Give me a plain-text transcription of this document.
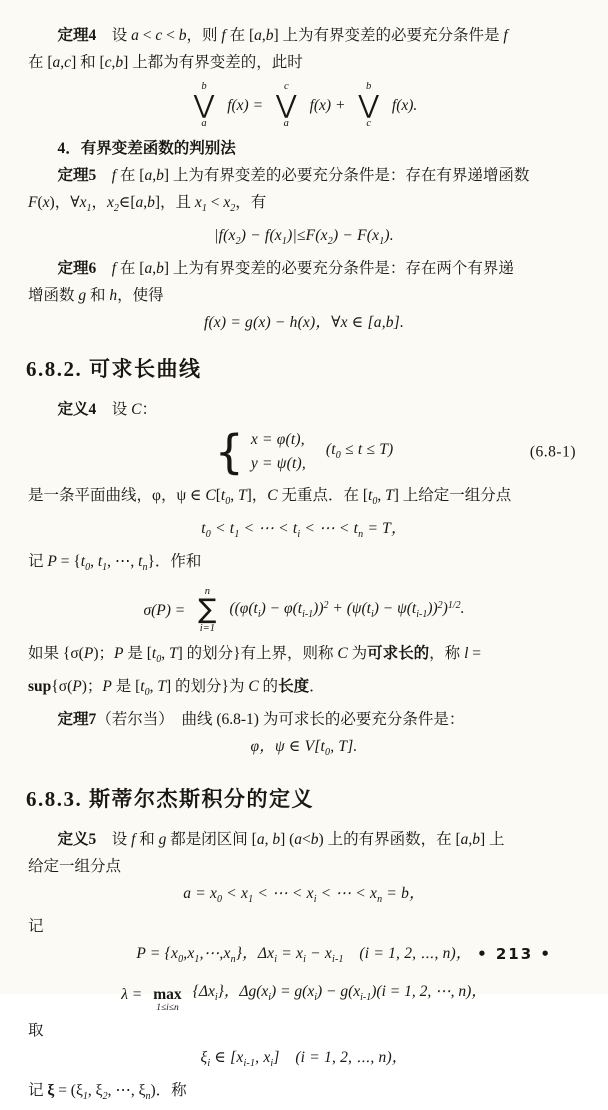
定理4　设 a < c < b，则 f 在 [a,b] 上为有界变差的必要充分条件是 f
在 [a,c] 和 [c,b] 上都为有界变差的，此时
b
⋁
a
f(x) =
c
⋁
a
f(x) +
b
⋁
c
f(x).
4．有界变差函数的判别法
定理5　 f 在 [a,b] 上为有界变差的必要充分条件是：存在有界递增函数
F(x)，$\forall x_1$，$x_2\in[a,b]$，且 $x_1 < x_2$，有
$|f(x_2) - f(x_1)|\le F(x_2) - F(x_1)$.
定理6　 f 在 [a,b] 上为有界变差的必要充分条件是：存在两个有界递
增函数 g 和 h，使得
f(x) = g(x) − h(x)，∀x ∈ [a,b].
6.8.2. 可求长曲线
定义4　设 C：
{ x = φ(t),
y = ψ(t),
$(t_0 \le t \le T)$	(6.8-1)
是一条平面曲线，φ，ψ ∈ $C[t_0$, T]，C 无重点．在 [$t_0$, T] 上给定一组分点
$t_0 < t_1$ < ⋯ < $t_i$ < ⋯ < $t_n = T$，
记 $P = \{t_0$, $t_1$, ⋯, $t_n$}．作和
σ(P) =
n
∑
i=1
$((\varphi(t_i) - \varphi(t_{i-1}))^2 + (\psi(t_i) - \psi(t_{i-1}))^2)^{1/2}$.
如果 {σ(P)；P 是 [$t_0$, T] 的划分}有上界，则称 C 为可求长的，称 l =
sup{σ(P)；P 是 [$t_0$, T] 的划分}为 C 的长度．
定理7（若尔当）　曲线 (6.8-1) 为可求长的必要充分条件是：
φ，ψ ∈ $V[t_0$, T].
6.8.3. 斯蒂尔杰斯积分的定义
定义5　设 f 和 g 都是闭区间 [a, b] (a<b) 上的有界函数，在 [a,b] 上
给定一组分点
$a = x_0 < x_1$ < ⋯ < $x_i$ < ⋯ < $x_n = b$，
记
$P = \{x_0,x_1,\cdots,x_n\}$，$\Delta x_i = x_i - x_{i-1}$　(i = 1, 2, ⋯, n)，
λ = max
1≤i≤n
$\{\Delta x_i\}$，$\Delta g(x_i) = g(x_i) - g(x_{i-1})(i = 1$, 2, ⋯, n)，
取
$\xi_i$ ∈ [$x_{i-1}$, $x_i$]　(i = 1, 2, ⋯, n)，
记 $\xi = (\xi_1$, $\xi_2$, ⋯, $\xi_n$)．称
• 213 •
